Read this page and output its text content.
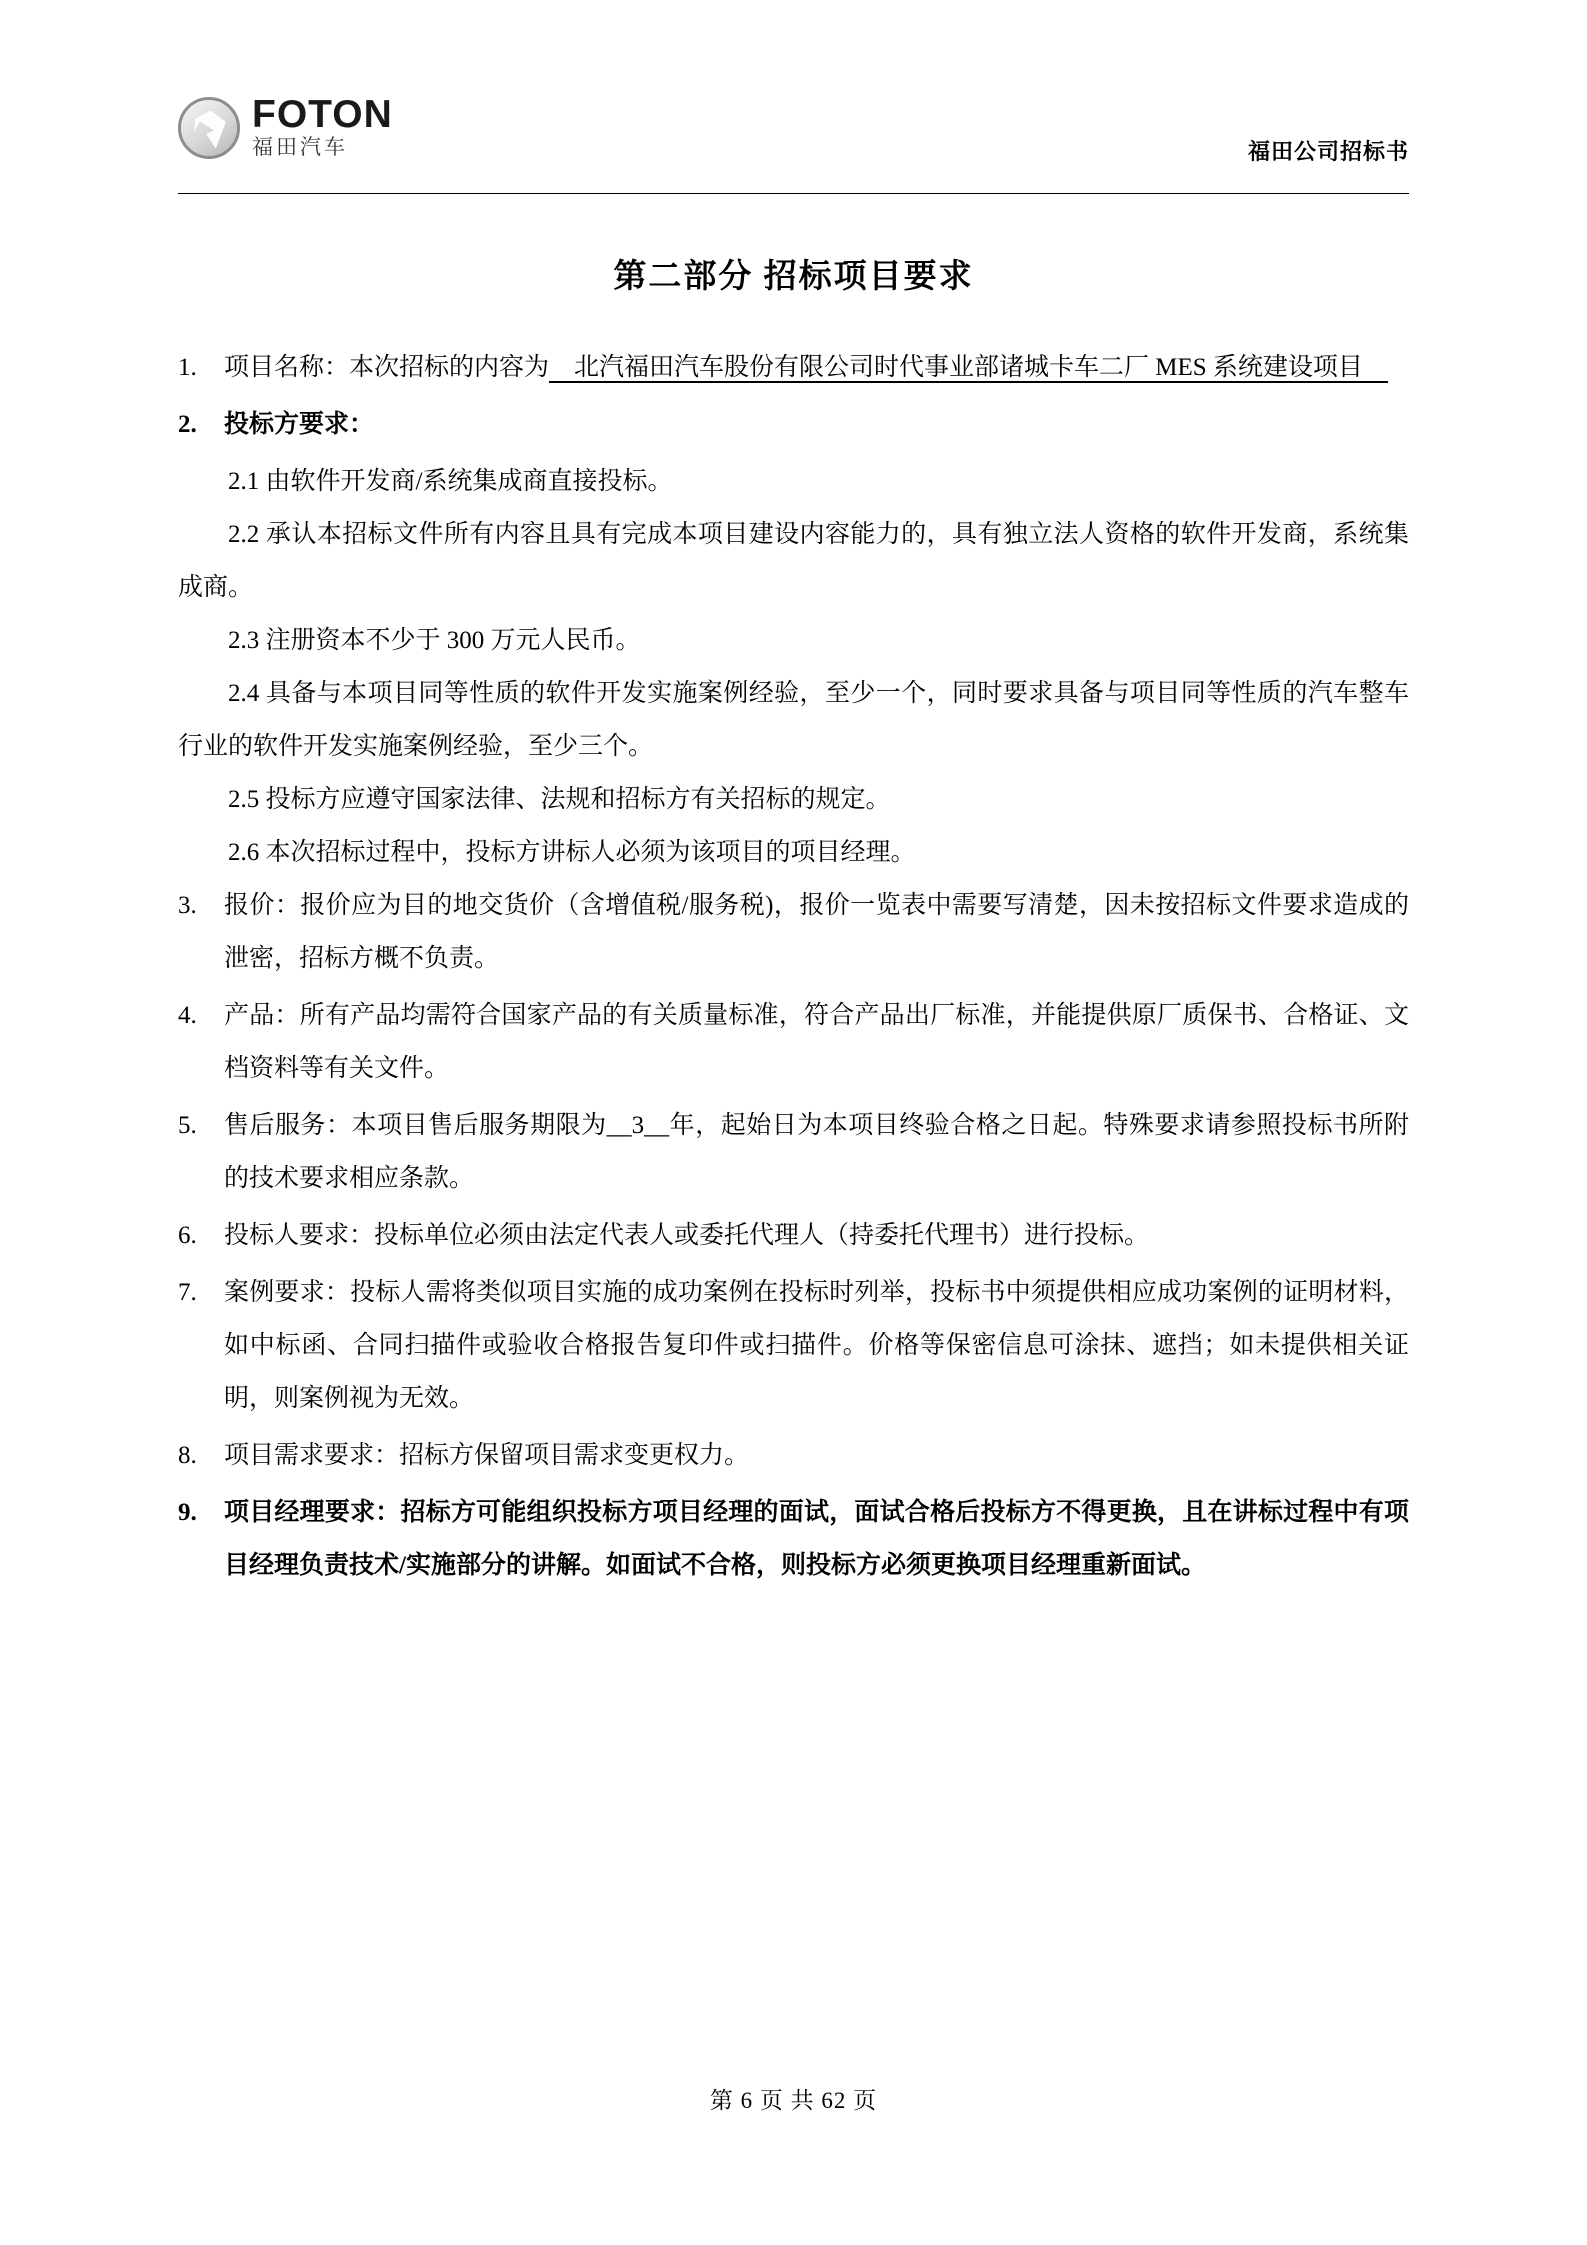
FOTON
福田汽车	福田公司招标书
第二部分 招标项目要求
1.	项目名称：本次招标的内容为　北汽福田汽车股份有限公司时代事业部诸城卡车二厂 MES 系统建设项目　
2.	投标方要求：
2.1 由软件开发商/系统集成商直接投标。
2.2 承认本招标文件所有内容且具有完成本项目建设内容能力的，具有独立法人资格的软件开发商，系统集成商。
2.3 注册资本不少于 300 万元人民币。
2.4 具备与本项目同等性质的软件开发实施案例经验，至少一个，同时要求具备与项目同等性质的汽车整车行业的软件开发实施案例经验，至少三个。
2.5 投标方应遵守国家法律、法规和招标方有关招标的规定。
2.6 本次招标过程中，投标方讲标人必须为该项目的项目经理。
3.	报价：报价应为目的地交货价（含增值税/服务税)，报价一览表中需要写清楚，因未按招标文件要求造成的泄密，招标方概不负责。
4.	产品：所有产品均需符合国家产品的有关质量标准，符合产品出厂标准，并能提供原厂质保书、合格证、文档资料等有关文件。
5.	售后服务：本项目售后服务期限为__3__年，起始日为本项目终验合格之日起。特殊要求请参照投标书所附的技术要求相应条款。
6.	投标人要求：投标单位必须由法定代表人或委托代理人（持委托代理书）进行投标。
7.	案例要求：投标人需将类似项目实施的成功案例在投标时列举，投标书中须提供相应成功案例的证明材料，如中标函、合同扫描件或验收合格报告复印件或扫描件。价格等保密信息可涂抹、遮挡；如未提供相关证明，则案例视为无效。
8.	项目需求要求：招标方保留项目需求变更权力。
9.	项目经理要求：招标方可能组织投标方项目经理的面试，面试合格后投标方不得更换，且在讲标过程中有项目经理负责技术/实施部分的讲解。如面试不合格，则投标方必须更换项目经理重新面试。
第 6 页 共 62 页
